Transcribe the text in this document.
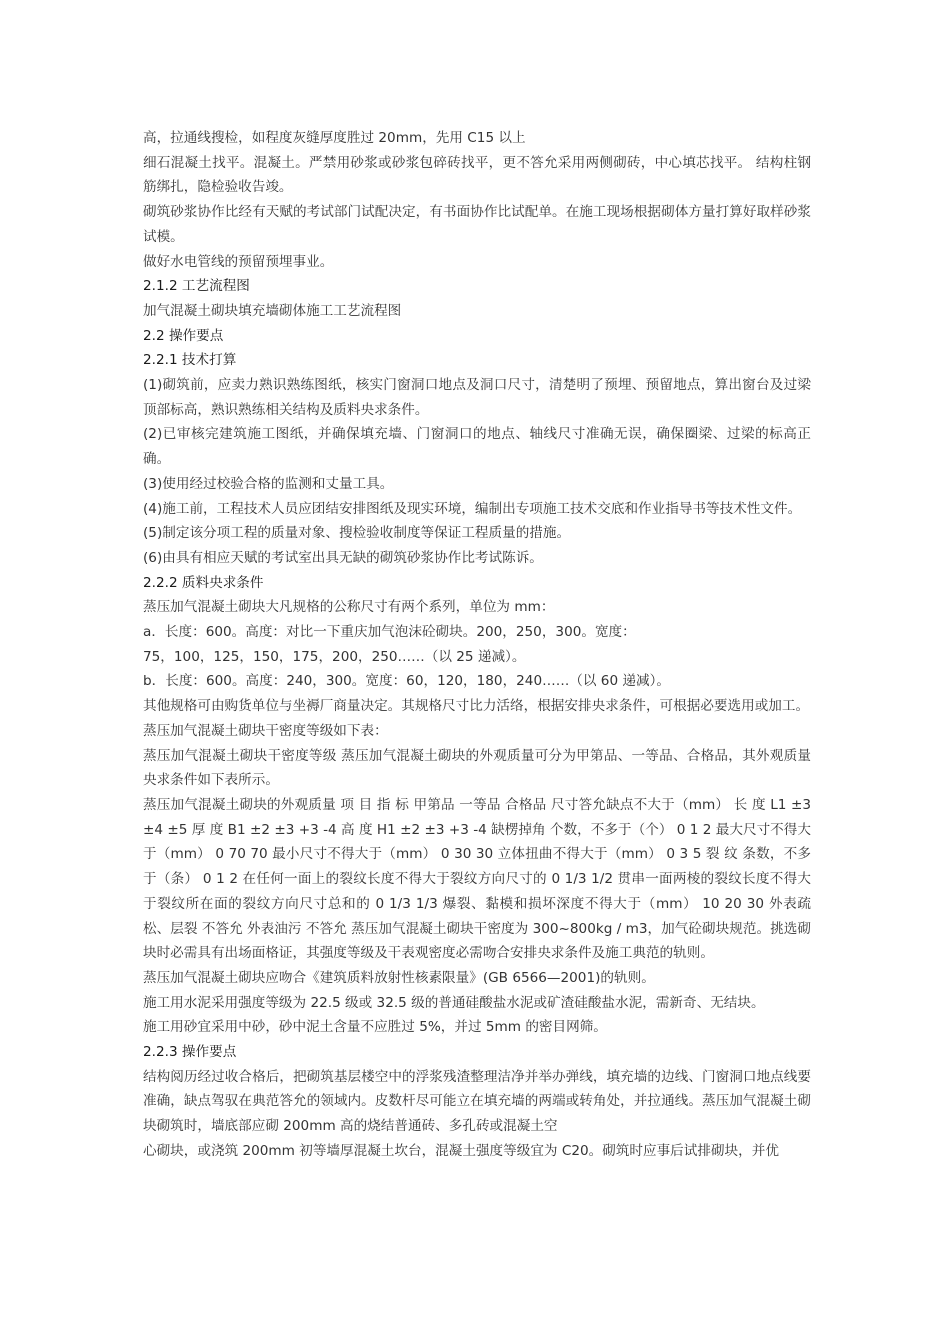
高，拉通线搜检，如程度灰缝厚度胜过 20mm，先用 C15 以上

细石混凝土找平。混凝土。严禁用砂浆或砂浆包碎砖找平，更不答允采用两侧砌砖，中心填芯找平。 结构柱钢筋绑扎，隐检验收告竣。

砌筑砂浆协作比经有天赋的考试部门试配决定，有书面协作比试配单。在施工现场根据砌体方量打算好取样砂浆试模。

做好水电管线的预留预埋事业。

2.1.2 工艺流程图

加气混凝土砌块填充墙砌体施工工艺流程图

2.2 操作要点

2.2.1 技术打算

(1)砌筑前，应卖力熟识熟练图纸，核实门窗洞口地点及洞口尺寸，清楚明了预埋、预留地点，算出窗台及过梁顶部标高，熟识熟练相关结构及质料央求条件。

(2)已审核完建筑施工图纸，并确保填充墙、门窗洞口的地点、轴线尺寸准确无误，确保圈梁、过梁的标高正确。

(3)使用经过校验合格的监测和丈量工具。

(4)施工前，工程技术人员应团结安排图纸及现实环境，编制出专项施工技术交底和作业指导书等技术性文件。

(5)制定该分项工程的质量对象、搜检验收制度等保证工程质量的措施。

(6)由具有相应天赋的考试室出具无缺的砌筑砂浆协作比考试陈诉。

2.2.2 质料央求条件

蒸压加气混凝土砌块大凡规格的公称尺寸有两个系列，单位为 mm：

a．长度：600。高度：对比一下重庆加气泡沫砼砌块。200，250，300。宽度：

75，100，125，150，175，200，250……（以 25 递减）。

b．长度：600。高度：240，300。宽度：60，120，180，240……（以 60 递减）。

其他规格可由购货单位与坐褥厂商量决定。其规格尺寸比力活络，根据安排央求条件，可根据必要选用或加工。

蒸压加气混凝土砌块干密度等级如下表：

蒸压加气混凝土砌块干密度等级 蒸压加气混凝土砌块的外观质量可分为甲第品、一等品、合格品，其外观质量央求条件如下表所示。

蒸压加气混凝土砌块的外观质量 项 目 指 标 甲第品 一等品 合格品 尺寸答允缺点不大于（mm） 长 度 L1 ±3 ±4 ±5 厚 度 B1 ±2 ±3 +3 -4 高 度 H1 ±2 ±3 +3 -4 缺楞掉角 个数，不多于（个） 0 1 2 最大尺寸不得大于（mm） 0 70 70 最小尺寸不得大于（mm） 0 30 30 立体扭曲不得大于（mm） 0 3 5 裂 纹 条数，不多于（条） 0 1 2 在任何一面上的裂纹长度不得大于裂纹方向尺寸的 0 1/3 1/2 贯串一面两棱的裂纹长度不得大于裂纹所在面的裂纹方向尺寸总和的 0 1/3 1/3 爆裂、黏模和损坏深度不得大于（mm） 10 20 30 外表疏松、层裂 不答允 外表油污 不答允 蒸压加气混凝土砌块干密度为 300~800kg / m3，加气砼砌块规范。挑选砌块时必需具有出场面格证，其强度等级及干表观密度必需吻合安排央求条件及施工典范的轨则。

蒸压加气混凝土砌块应吻合《建筑质料放射性核素限量》(GB 6566—2001)的轨则。

施工用水泥采用强度等级为 22.5 级或 32.5 级的普通硅酸盐水泥或矿渣硅酸盐水泥，需新奇、无结块。

施工用砂宜采用中砂，砂中泥土含量不应胜过 5%，并过 5mm 的密目网筛。

2.2.3 操作要点

结构阅历经过收合格后，把砌筑基层楼空中的浮浆残渣整理洁净并举办弹线，填充墙的边线、门窗洞口地点线要准确，缺点驾驭在典范答允的领域内。皮数杆尽可能立在填充墙的两端或转角处，并拉通线。蒸压加气混凝土砌块砌筑时，墙底部应砌 200mm 高的烧结普通砖、多孔砖或混凝土空

心砌块，或浇筑 200mm 初等墙厚混凝土坎台，混凝土强度等级宜为 C20。砌筑时应事后试排砌块，并优
